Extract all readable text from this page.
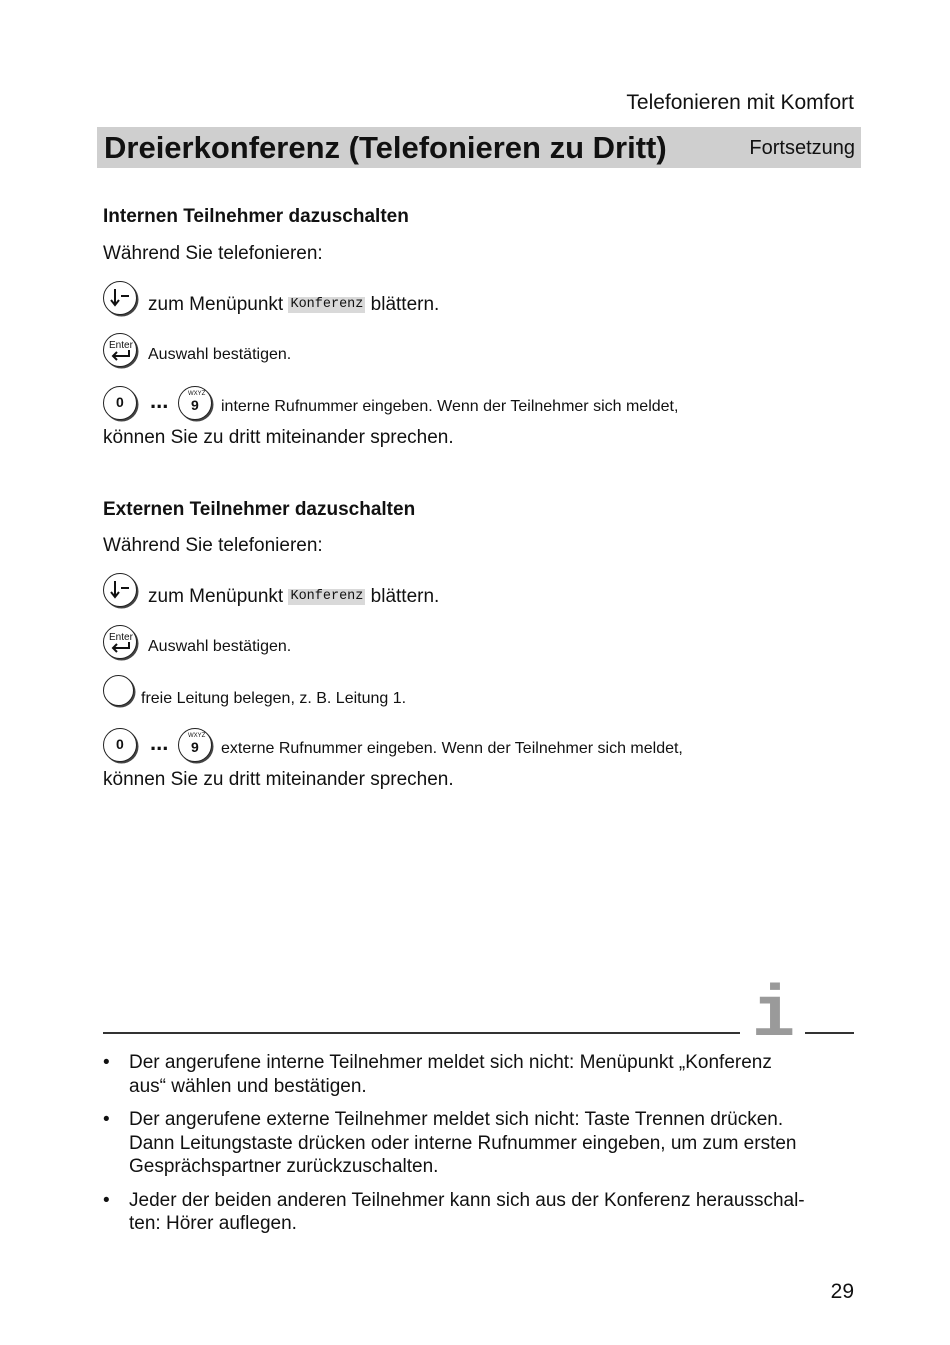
Telefonieren mit Komfort
Dreierkonferenz (Telefonieren zu Dritt)	Fortsetzung
Internen Teilnehmer dazuschalten
Während Sie telefonieren:
zum Menüpunkt Konferenz blättern.
Enter
Auswahl bestätigen.
0 ...	WXYZ
9 interne Rufnummer eingeben. Wenn der Teilnehmer sich meldet,
können Sie zu dritt miteinander sprechen.
Externen Teilnehmer dazuschalten
Während Sie telefonieren:
zum Menüpunkt Konferenz blättern.
Enter
Auswahl bestätigen.
freie Leitung belegen, z. B. Leitung 1.
0 ...	WXYZ
9 externe Rufnummer eingeben. Wenn der Teilnehmer sich meldet,
können Sie zu dritt miteinander sprechen.
i
• Der angerufene interne Teilnehmer meldet sich nicht: Menüpunkt „Konferenz
aus“ wählen und bestätigen.
• Der angerufene externe Teilnehmer meldet sich nicht: Taste Trennen drücken.
Dann Leitungstaste drücken oder interne Rufnummer eingeben, um zum ersten
Gesprächspartner zurückzuschalten.
• Jeder der beiden anderen Teilnehmer kann sich aus der Konferenz herausschal-
ten: Hörer auflegen.
29
